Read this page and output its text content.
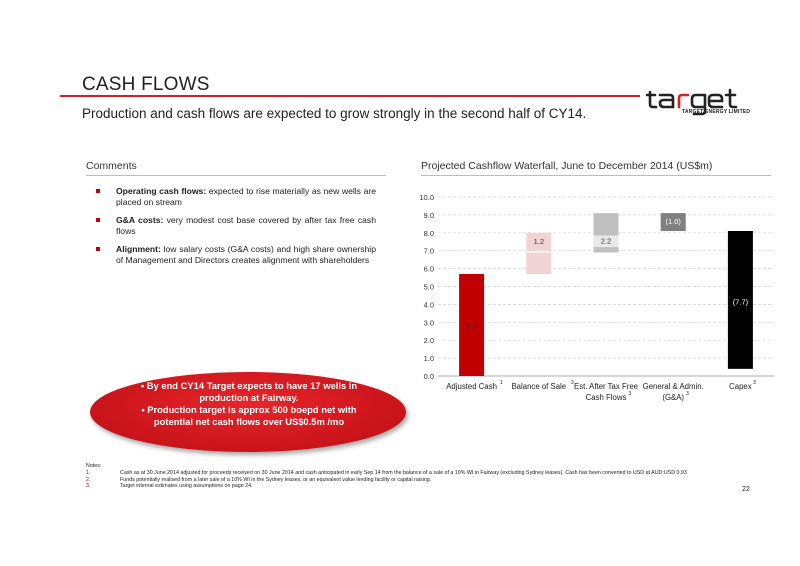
CASH FLOWS
Production and cash flows are expected to grow strongly in the second half of CY14.	TARGET ENERGY LIMITED
Comments
Operating cash flows: expected to rise materially as new wells are placed on stream
G&A costs: very modest cost base covered by after tax free cash flows
Alignment: low salary costs (G&A costs) and high share ownership of Management and Directors creates alignment with shareholders
• By end CY14 Target expects to have 17 wells in
production at Fairway.
• Production target is approx 500 boepd net with
potential net cash flows over US$0.5m /mo
Projected Cashflow Waterfall, June to December 2014 (US$m)
0.0
1.0
2.0
3.0
4.0
5.0
6.0
7.0
8.0
9.0
10.0
5.7
Adjusted Cash 1
1.2
Balance of Sale 2
2.2
Est. After Tax Free
Cash Flows 3
(1.0)
General & Admin.
(G&A) 3
(7.7)
Capex 3
Notes:
1.	Cash as at 30 June 2014 adjusted for proceeds received on 30 June 2014 and cash anticipated in early Sep 14 from the balance of a sale of a 10% WI in Fairway (excluding Sydney leases). Cash has been converted to USD at AUD:USD 0.93
2.	Funds potentially realised from a later sale of a 10% WI in the Sydney leases, or an equivalent value lending facility or capital raising.
3.	Target internal estimates using assumptions on page 24.	22
